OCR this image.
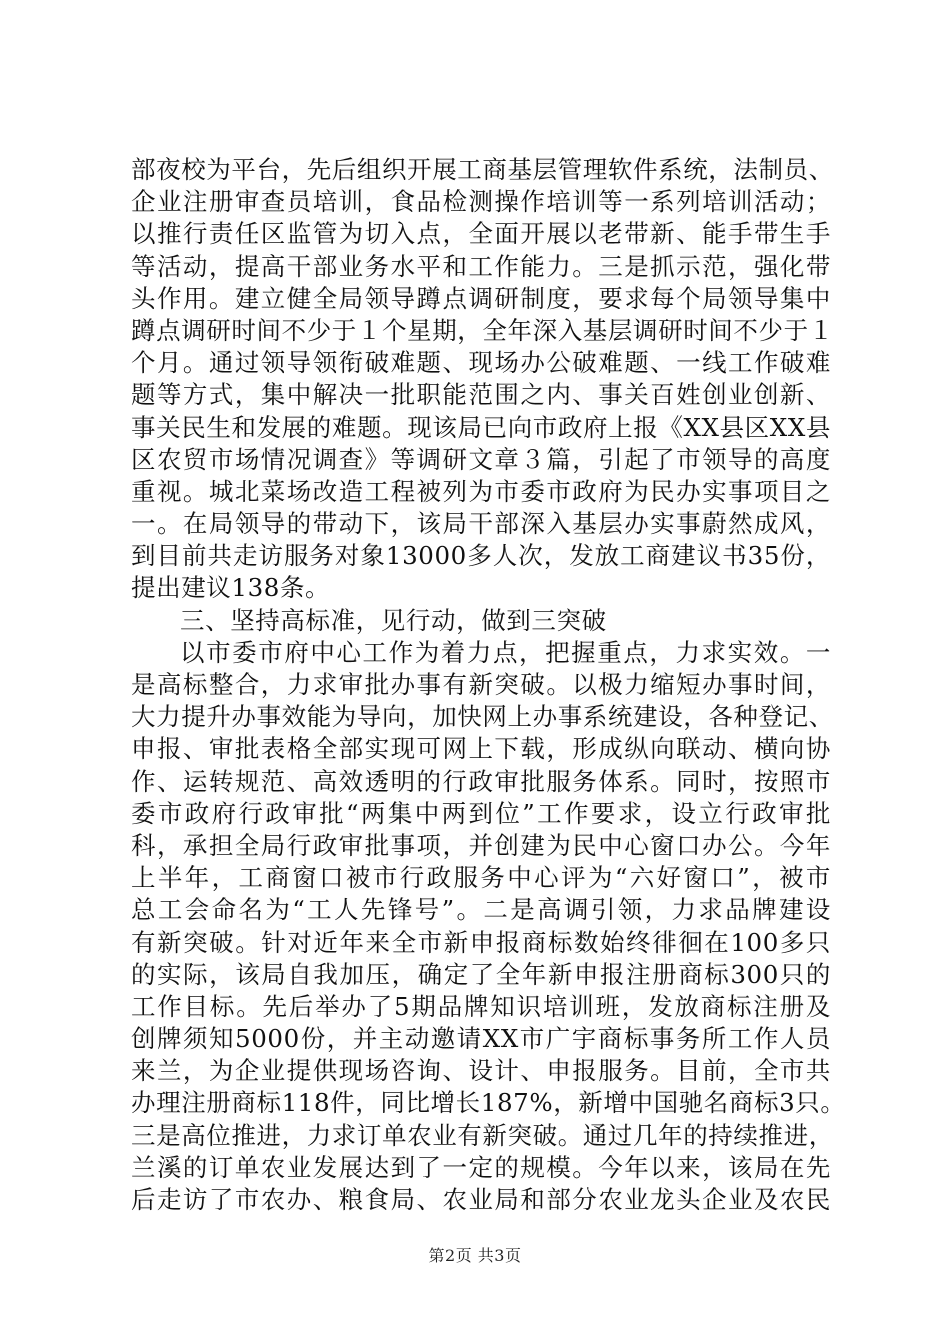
部夜校为平台，先后组织开展工商基层管理软件系统，法制员、
企业注册审查员培训，食品检测操作培训等一系列培训活动；
以推行责任区监管为切入点，全面开展以老带新、能手带生手
等活动，提高干部业务水平和工作能力。三是抓示范，强化带
头作用。建立健全局领导蹲点调研制度，要求每个局领导集中
蹲点调研时间不少于１个星期，全年深入基层调研时间不少于１
个月。通过领导领衔破难题、现场办公破难题、一线工作破难
题等方式，集中解决一批职能范围之内、事关百姓创业创新、
事关民生和发展的难题。现该局已向市政府上报《XX县区XX县
区农贸市场情况调查》等调研文章３篇，引起了市领导的高度
重视。城北菜场改造工程被列为市委市政府为民办实事项目之
一。在局领导的带动下，该局干部深入基层办实事蔚然成风，
到目前共走访服务对象13000多人次，发放工商建议书35份，
提出建议138条。
三、坚持高标准，见行动，做到三突破
以市委市府中心工作为着力点，把握重点，力求实效。一
是高标整合，力求审批办事有新突破。以极力缩短办事时间，
大力提升办事效能为导向，加快网上办事系统建设，各种登记、
申报、审批表格全部实现可网上下载，形成纵向联动、横向协
作、运转规范、高效透明的行政审批服务体系。同时，按照市
委市政府行政审批“两集中两到位”工作要求，设立行政审批
科，承担全局行政审批事项，并创建为民中心窗口办公。今年
上半年，工商窗口被市行政服务中心评为“六好窗口”，被市
总工会命名为“工人先锋号”。二是高调引领，力求品牌建设
有新突破。针对近年来全市新申报商标数始终徘徊在100多只
的实际，该局自我加压，确定了全年新申报注册商标300只的
工作目标。先后举办了5期品牌知识培训班，发放商标注册及
创牌须知5000份，并主动邀请XX市广宇商标事务所工作人员
来兰，为企业提供现场咨询、设计、申报服务。目前，全市共
办理注册商标118件，同比增长187%，新增中国驰名商标3只。
三是高位推进，力求订单农业有新突破。通过几年的持续推进，
兰溪的订单农业发展达到了一定的规模。今年以来，该局在先
后走访了市农办、粮食局、农业局和部分农业龙头企业及农民
第2页 共3页
